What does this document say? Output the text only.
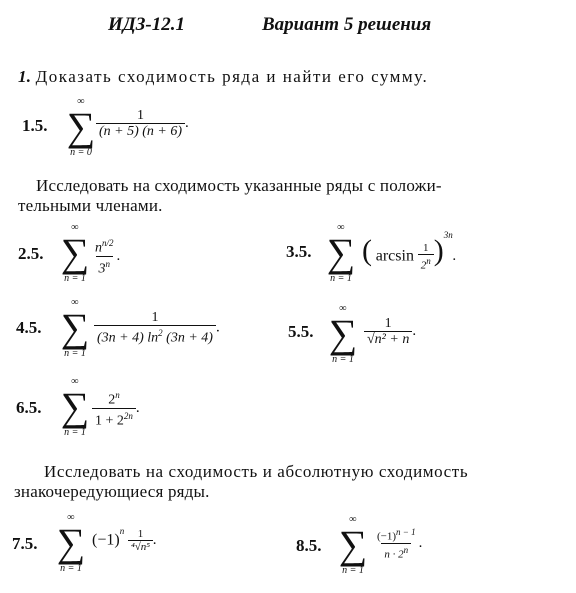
ИДЗ-12.1	Вариант 5 решения
1. Доказать сходимость ряда и найти его сумму.
1.5.
∞
∑
n = 0
$\frac{1}{(n + 5) (n + 6)}$ .
Исследовать на сходимость указанные ряды с положи-
тельными членами.
2.5.
∞
∑
n = 1
$\frac{n^{n/2}}{3^n}$ .	3.5.
∞
∑
n = 1
( $\arcsin \frac{1}{2^n} )^{3n}$.
4.5.
∞
∑
n = 1
$\frac{1}{(3n + 4) \ln^2 (3n + 4)}$ .	5.5.
∞
∑
n = 1
$\frac{1}{\text{√n² + n}}$ .
6.5.
∞
∑
n = 1
$\frac{2^n}{1 + 2^{2n}}$ .
Исследовать на сходимость и абсолютную сходимость
знакочередующиеся ряды.
7.5.
∞
∑
n = 1
$(-1)^n \frac{1}{\text{⁴√n⁵}}$ .	8.5.
∞
∑
n = 1
$\frac{(-1)^{n - 1}}{n \cdot 2^n}$ .
